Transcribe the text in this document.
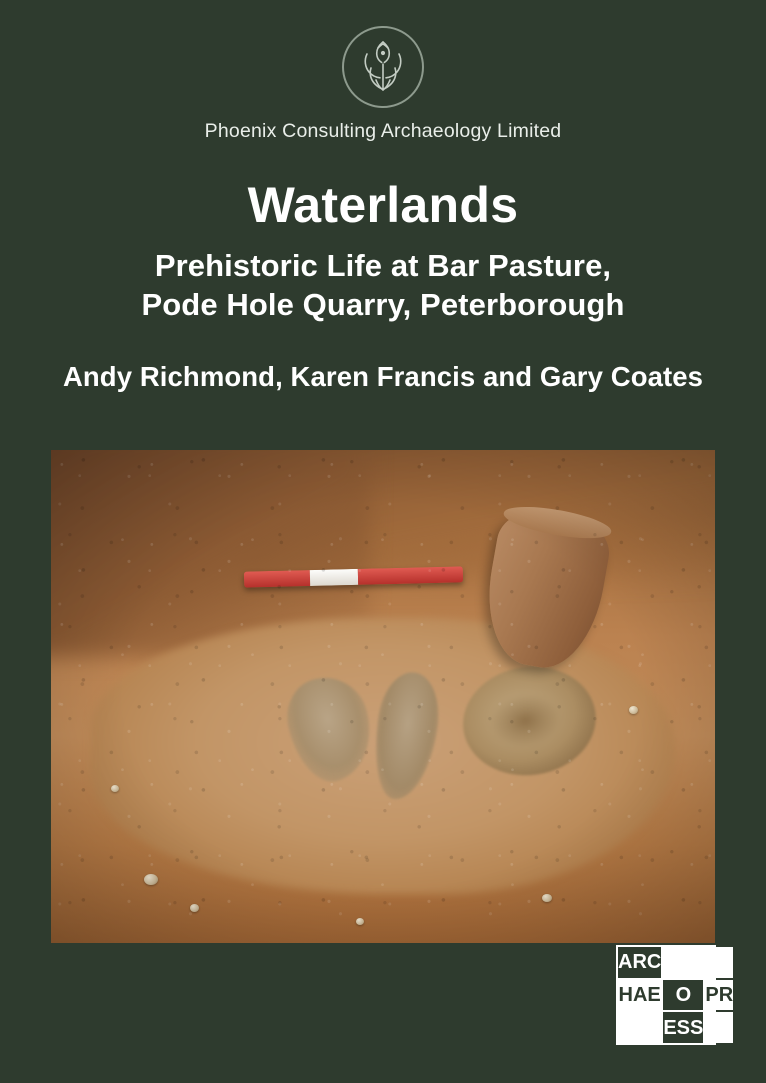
Phoenix Consulting Archaeology Limited
Waterlands
Prehistoric Life at Bar Pasture,
Pode Hole Quarry, Peterborough
Andy Richmond, Karen Francis and Gary Coates
ARC
HAE O PR
ESS
